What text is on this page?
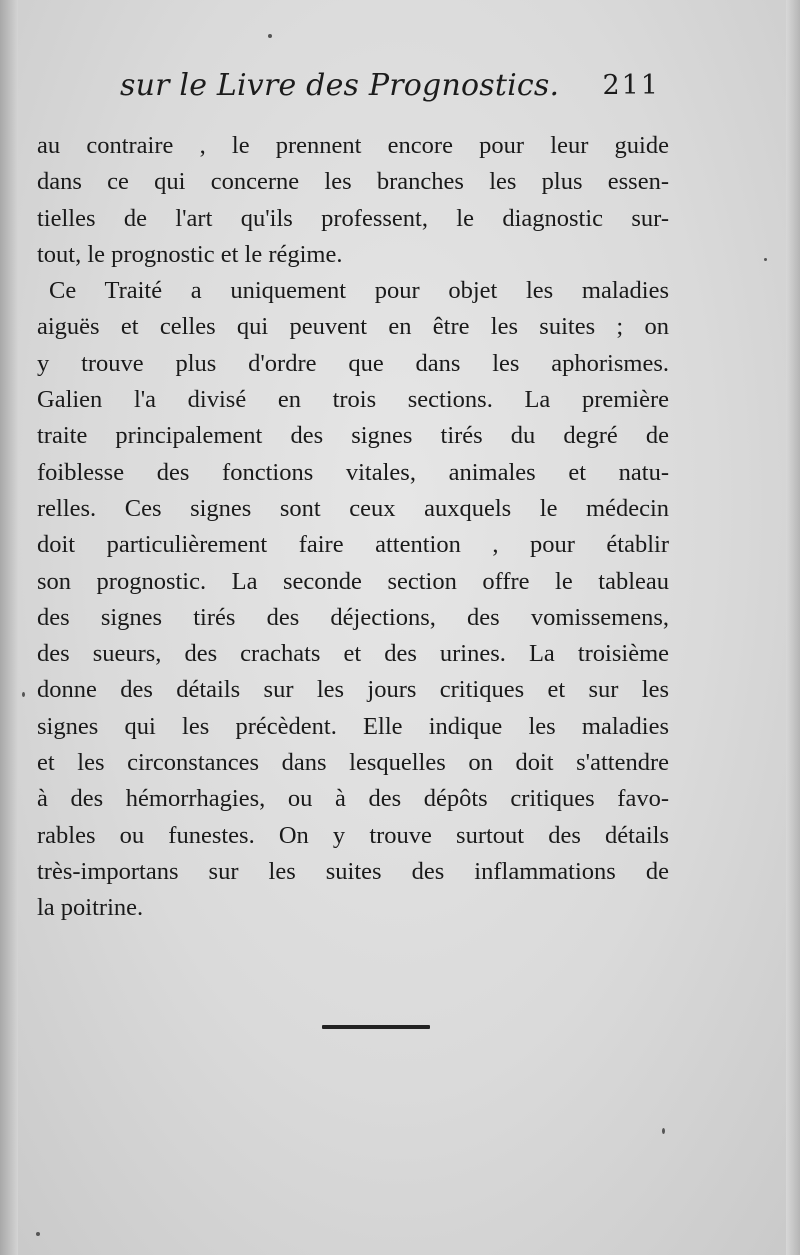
sur le Livre des Prognostics. 211
au contraire , le prennent encore pour leur guide
dans ce qui concerne les branches les plus essen-
tielles de l'art qu'ils professent, le diagnostic sur-
tout, le prognostic et le régime.
Ce Traité a uniquement pour objet les maladies
aiguës et celles qui peuvent en être les suites ; on
y trouve plus d'ordre que dans les aphorismes.
Galien l'a divisé en trois sections. La première
traite principalement des signes tirés du degré de
foiblesse des fonctions vitales, animales et natu-
relles. Ces signes sont ceux auxquels le médecin
doit particulièrement faire attention , pour établir
son prognostic. La seconde section offre le tableau
des signes tirés des déjections, des vomissemens,
des sueurs, des crachats et des urines. La troisième
donne des détails sur les jours critiques et sur les
signes qui les précèdent. Elle indique les maladies
et les circonstances dans lesquelles on doit s'attendre
à des hémorrhagies, ou à des dépôts critiques favo-
rables ou funestes. On y trouve surtout des détails
très-importans sur les suites des inflammations de
la poitrine.
